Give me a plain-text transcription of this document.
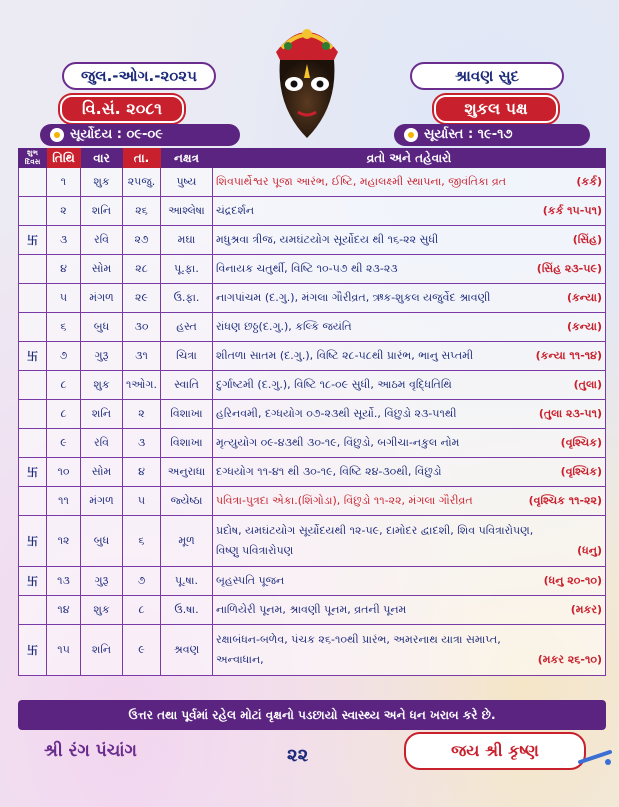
જુલ.-ઓગ.-૨૦૨૫
વિ.સં. ૨૦૮૧
સૂર્યોદય : ૦૯-૦૯
શ્રાવણ સુદ
શુકલ પક્ષ
સૂર્યાસ્ત : ૧૯-૧૭
શુભ દિવસ	તિથિ	વાર	તા.	નક્ષત્ર	વ્રતો અને તહેવારો
	૧	શુક	૨૫જુ.	પુષ્ય	શિવપાર્થેશ્વર પૂજા આરંભ, ઈષ્ટિ, મહાલક્ષ્મી સ્થાપના, જીવંતિકા વ્રત (કર્ક)

	૨	શનિ	૨૬	આશ્લેષા	ચંદ્રદર્શન (કર્ક ૧૫-૫૧)

卐	૩	રવિ	૨૭	મઘા	મધુશ્રવા ત્રીજ, યમઘંટયોગ સૂર્યોદય થી ૧૬-૨૨ સુધી (સિંહ)

	૪	સોમ	૨૮	પૂ.ફા.	વિનાયક ચતુર્થી, વિષ્ટિ ૧૦-૫૭ થી ૨૩-૨૩ (સિંહ ૨૩-૫૯)

	૫	મંગળ	૨૯	ઉ.ફા.	નાગપાંચમ (દ.ગુ.), મંગલા ગૌરીવ્રત, ઋક-શુકલ યજુર્વેદ શ્રાવણી (કન્યા)

	૬	બુધ	૩૦	હસ્ત	રાંધણ છઠ્ઠ(દ.ગુ.), કલ્કિ જયંતિ (કન્યા)

卐	૭	ગુરૂ	૩૧	ચિત્રા	શીતળા સાતમ (દ.ગુ.), વિષ્ટિ ૨૮-૫૮થી પ્રારંભ, ભાનુ સપ્તમી (કન્યા ૧૧-૧૪)

	૮	શુક	૧ઓગ.	સ્વાતિ	દુર્ગાષ્ટમી (દ.ગુ.), વિષ્ટિ ૧૮-૦૯ સુધી, આઠમ વૃદ્ધિતિથિ (તુલા)

	૮	શનિ	૨	વિશાખા	હરિનવમી, દગ્ધયોગ ૦૭-૨૩થી સૂર્યો., વિંછુડો ૨૩-૫૧થી (તુલા ૨૩-૫૧)

	૯	રવિ	૩	વિશાખા	મૃત્યુયોગ ૦૯-૪૩થી ૩૦-૧૯, વિંછુડો, બગીચા-નકુલ નોમ (વૃશ્ચિક)

卐	૧૦	સોમ	૪	અનુરાધા	દગ્ધયોગ ૧૧-૪૧ થી ૩૦-૧૯, વિષ્ટિ ૨૪-૩૦થી, વિંછુડો (વૃશ્ચિક)

	૧૧	મંગળ	૫	જ્યેષ્ઠા	પવિત્રા-પુત્રદા એકા.(શિંગોડા), વિંછુડો ૧૧-૨૨, મંગલા ગૌરીવ્રત (વૃશ્ચિક ૧૧-૨૨)

卐	૧૨	બુધ	૬	મૂળ	પ્રદોષ, યમઘંટયોગ સૂર્યોદયથી ૧૨-૫૯, દામોદર દ્વાદશી, શિવ પવિત્રારોપણ,
વિષ્ણુ પવિત્રારોપણ (ધનુ)

卐	૧૩	ગુરૂ	૭	પૂ.ષા.	બૃહસ્પતિ પૂજન (ધનુ ૨૦-૧૦)

	૧૪	શુક	૮	ઉ.ષા.	નાળિયેરી પૂનમ, શ્રાવણી પૂનમ, વ્રતની પૂનમ (મકર)

卐	૧૫	શનિ	૯	શ્રવણ	રક્ષાબંધન-બળેવ, પંચક ૨૬-૧૦થી પ્રારંભ, અમરનાથ યાત્રા સમાપ્ત,
અન્વાધાન, (મકર ૨૬-૧૦)
ઉત્તર તથા પૂર્વમાં રહેલ મોટાં વૃક્ષનો પડછાયો સ્વાસ્થ્ય અને ધન ખરાબ કરે છે.
શ્રી રંગ પંચાંગ	૨૨	જય શ્રી કૃષ્ણ
